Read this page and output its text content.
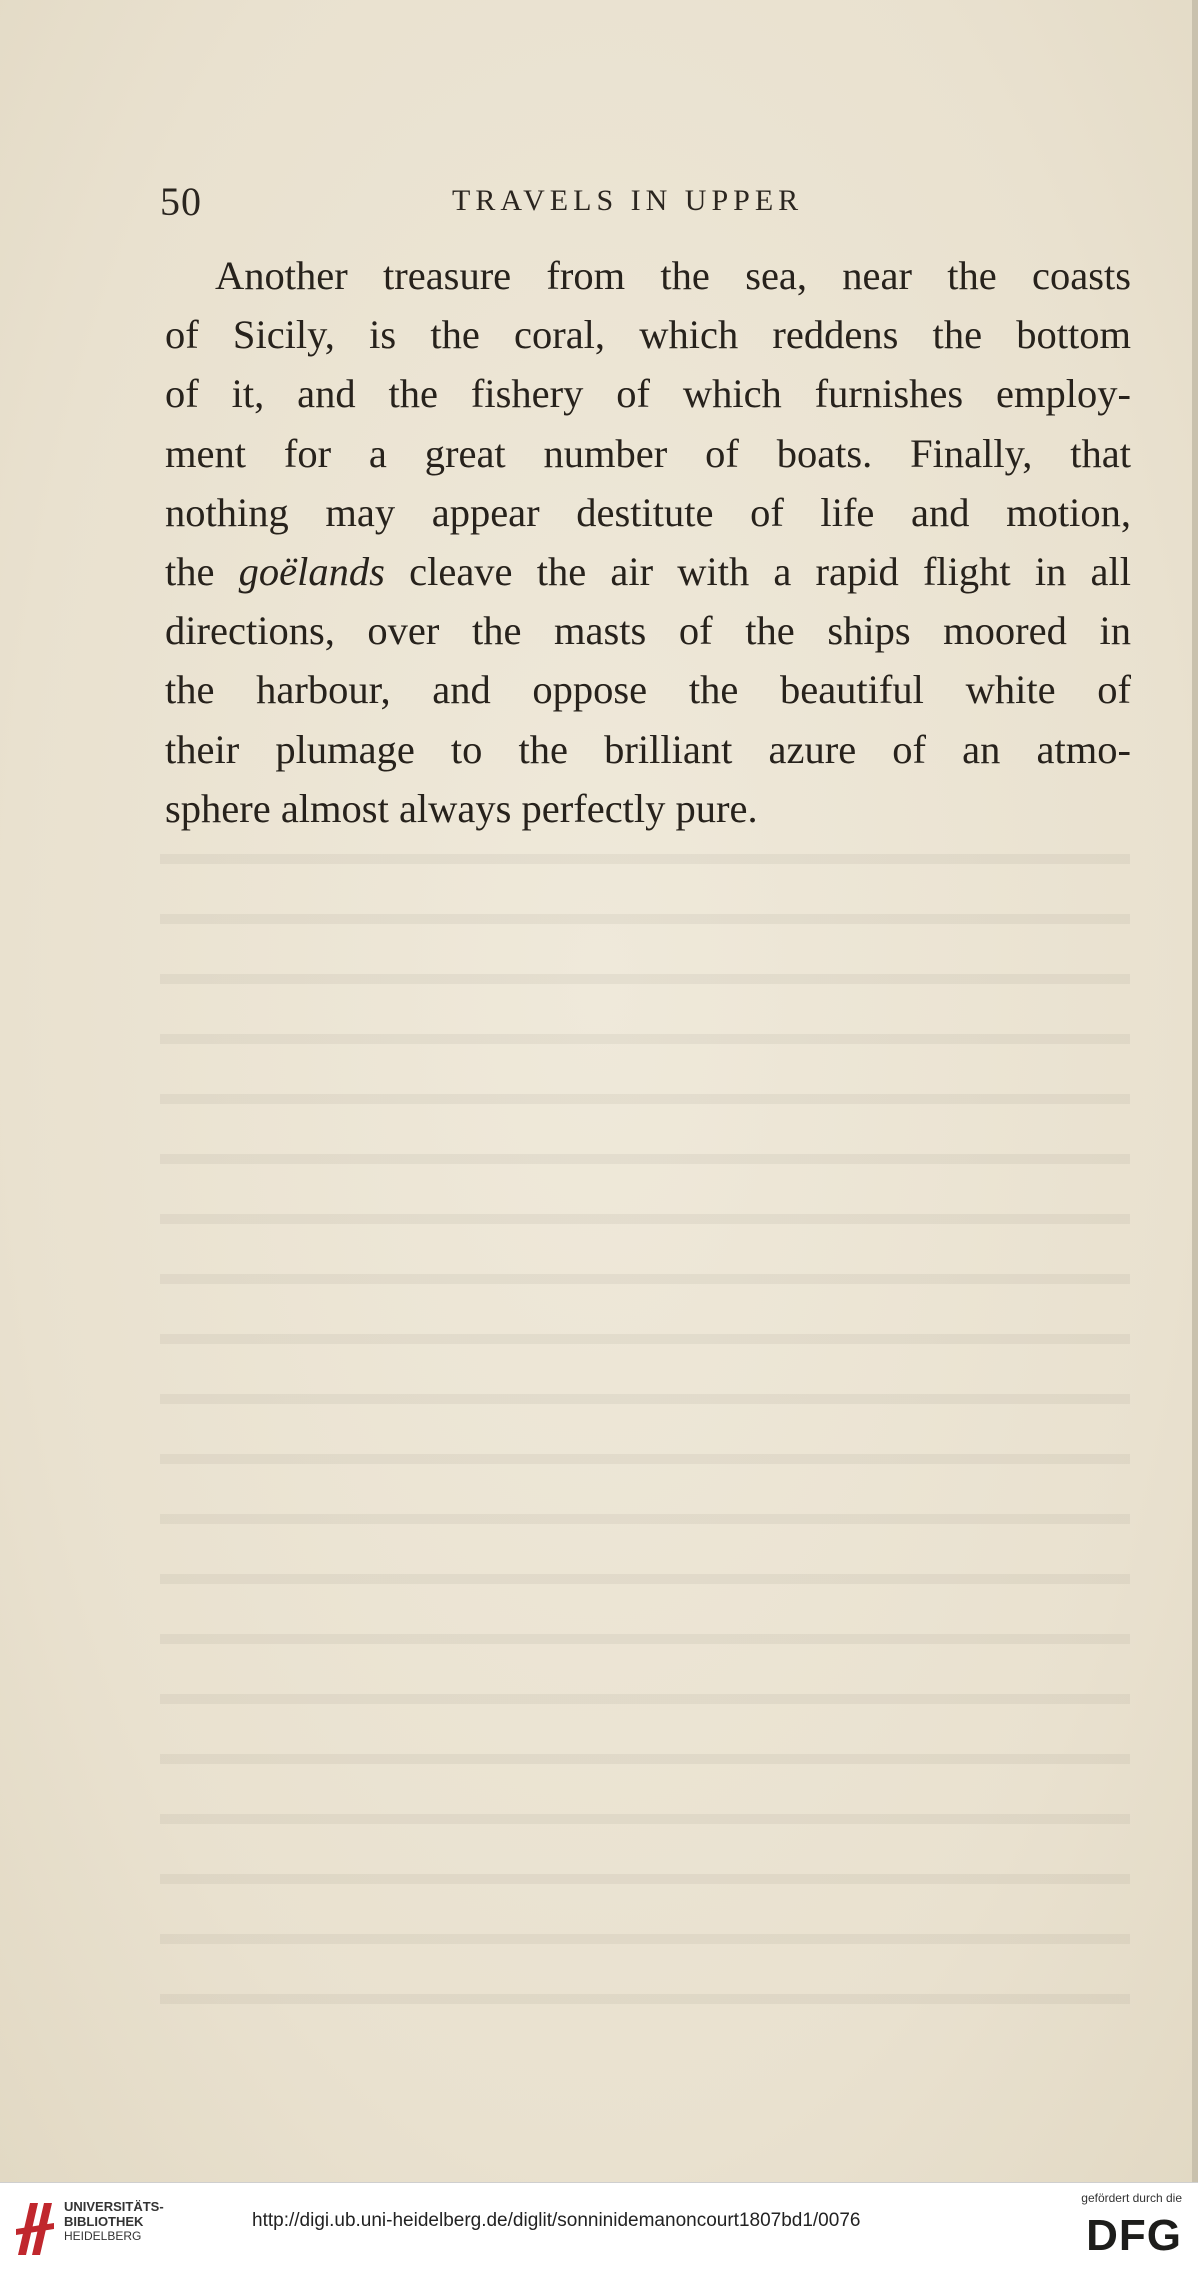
50	TRAVELS IN UPPER
Another treasure from the sea, near the coasts
of Sicily, is the coral, which reddens the bottom
of it, and the fishery of which furnishes employ-
ment for a great number of boats. Finally, that
nothing may appear destitute of life and motion,
the goëlands cleave the air with a rapid flight in all
directions, over the masts of the ships moored in
the harbour, and oppose the beautiful white of
their plumage to the brilliant azure of an atmo-
sphere almost always perfectly pure.
UNIVERSITÄTS-
BIBLIOTHEK
HEIDELBERG
http://digi.ub.uni-heidelberg.de/diglit/sonninidemanoncourt1807bd1/0076
gefördert durch die
DFG
